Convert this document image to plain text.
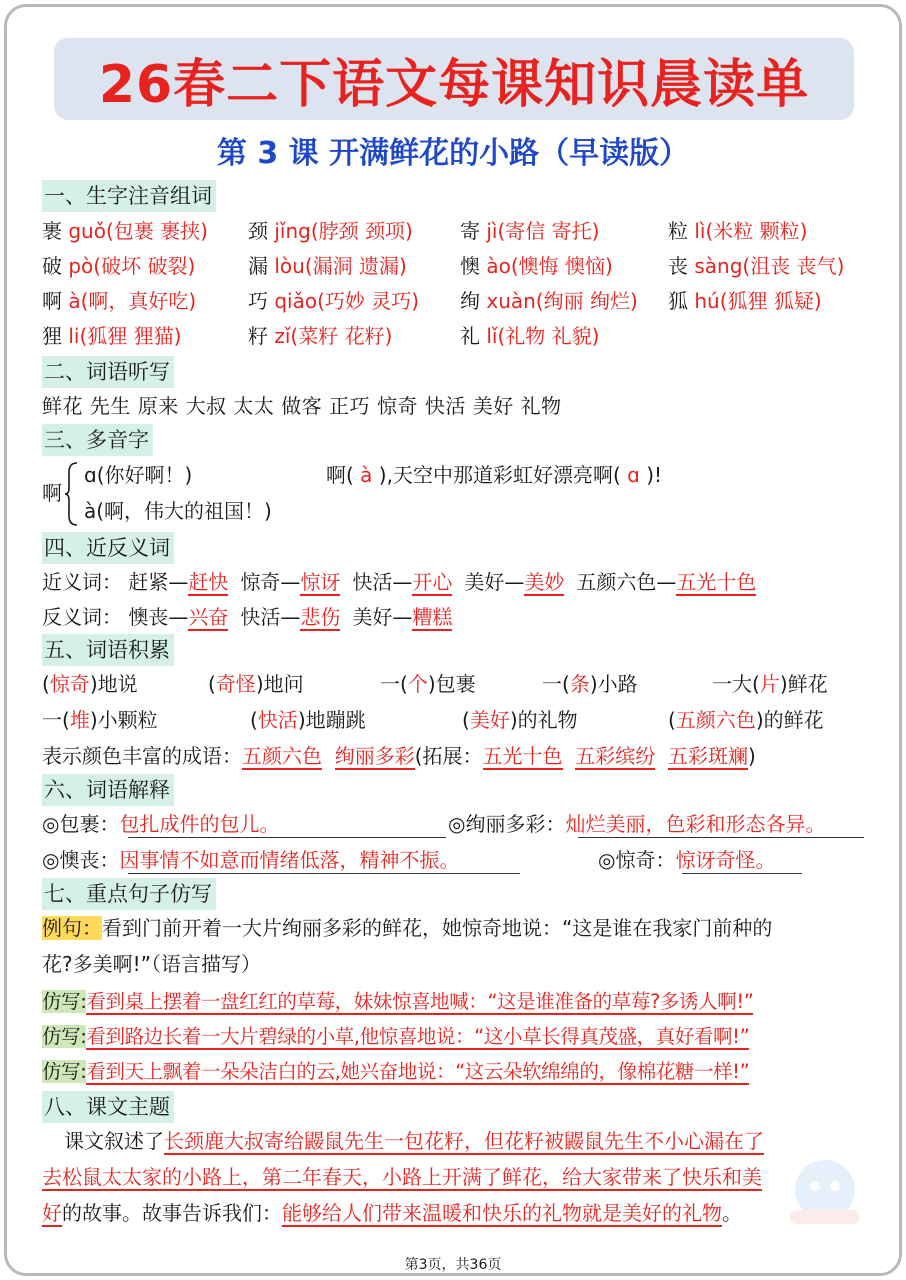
26春二下语文每课知识晨读单
第 3 课 开满鲜花的小路（早读版）
一、生字注音组词
裹 guǒ(包裹 裹挟) 颈 jǐng(脖颈 颈项) 寄 jì(寄信 寄托)	粒 lì(米粒 颗粒)
破 pò(破坏 破裂)	漏 lòu(漏洞 遗漏)	懊 ào(懊悔 懊恼)	丧 sàng(沮丧 丧气)
啊 à(啊，真好吃)	巧 qiǎo(巧妙 灵巧) 绚 xuàn(绚丽 绚烂) 狐 hú(狐狸 狐疑)
狸 li(狐狸 狸猫)	籽 zǐ(菜籽 花籽)	礼 lǐ(礼物 礼貌)
二、词语听写
鲜花 先生 原来 大叔 太太 做客 正巧 惊奇 快活 美好 礼物
三、多音字
啊
ɑ(你好啊！)
à(啊，伟大的祖国！)
啊( à ),天空中那道彩虹好漂亮啊( ɑ )!
四、近反义词
近义词： 赶紧—赶快 惊奇—惊讶 快活—开心 美好—美妙 五颜六色—五光十色
反义词： 懊丧—兴奋 快活—悲伤 美好—糟糕
五、词语积累
(惊奇)地说	(奇怪)地问	一(个)包裹	一(条)小路	一大(片)鲜花
一(堆)小颗粒	(快活)地蹦跳	(美好)的礼物	(五颜六色)的鲜花
表示颜色丰富的成语：五颜六色 绚丽多彩(拓展：五光十色 五彩缤纷 五彩斑斓)
六、词语解释
◎包裹：包扎成件的包儿。	◎绚丽多彩：灿烂美丽，色彩和形态各异。
◎懊丧：因事情不如意而情绪低落，精神不振。	◎惊奇：惊讶奇怪。
七、重点句子仿写
例句：看到门前开着一大片绚丽多彩的鲜花，她惊奇地说：“这是谁在我家门前种的
花?多美啊!”（语言描写）
仿写:看到桌上摆着一盘红红的草莓，妹妹惊喜地喊：“这是谁准备的草莓?多诱人啊!”
仿写:看到路边长着一大片碧绿的小草,他惊喜地说：“这小草长得真茂盛，真好看啊!”
仿写:看到天上飘着一朵朵洁白的云,她兴奋地说：“这云朵软绵绵的，像棉花糖一样!”
八、课文主题
课文叙述了长颈鹿大叔寄给鼹鼠先生一包花籽，但花籽被鼹鼠先生不小心漏在了
去松鼠太太家的小路上，第二年春天，小路上开满了鲜花，给大家带来了快乐和美
好的故事。故事告诉我们：能够给人们带来温暖和快乐的礼物就是美好的礼物。
第3页，共36页
